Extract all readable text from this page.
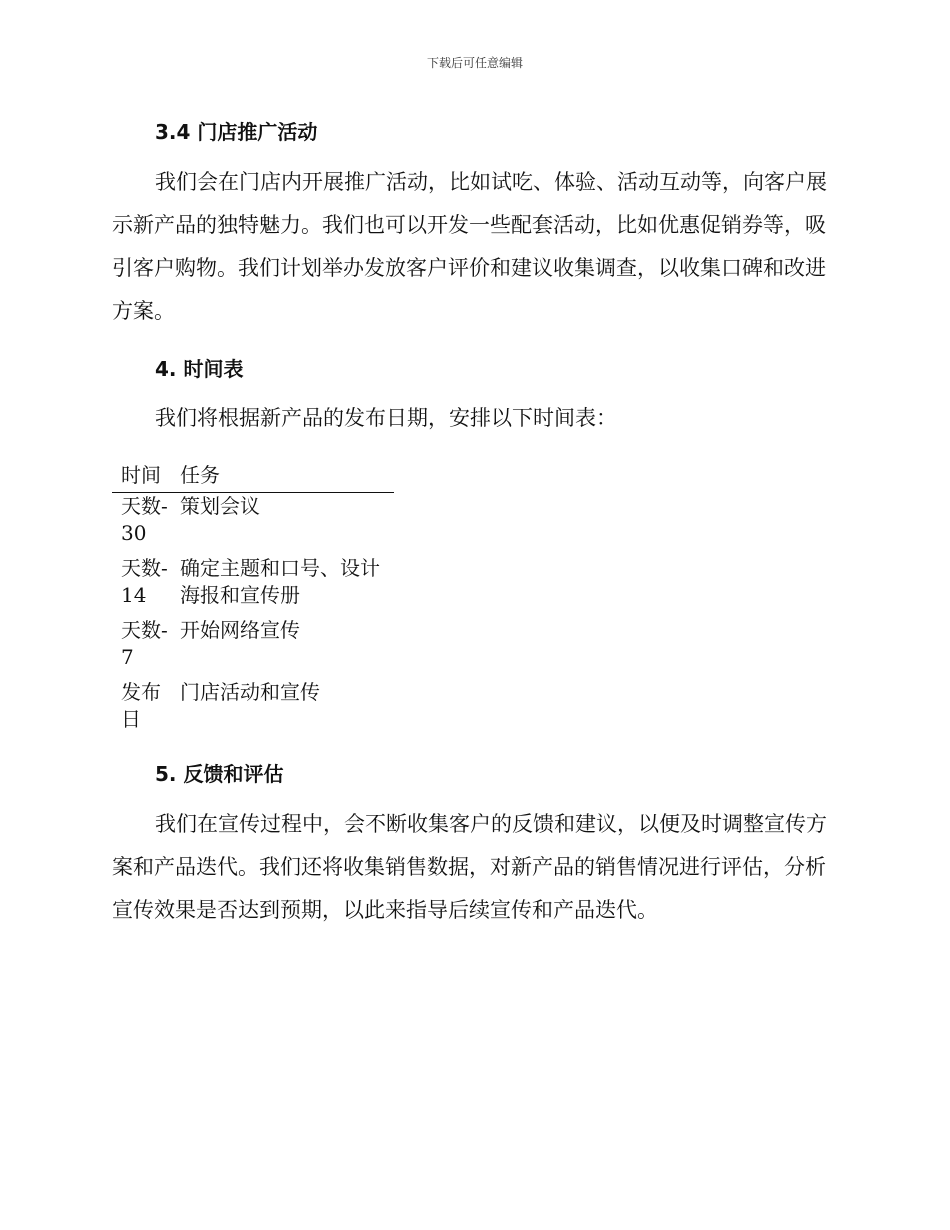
下载后可任意编辑
3.4 门店推广活动

我们会在门店内开展推广活动，比如试吃、体验、活动互动等，向客户展示新产品的独特魅力。我们也可以开发一些配套活动，比如优惠促销券等，吸引客户购物。我们计划举办发放客户评价和建议收集调查，以收集口碑和改进方案。

4. 时间表

我们将根据新产品的发布日期，安排以下时间表：

时间 任务
天数-30
策划会议
天数-14
确定主题和口号、设计海报和宣传册
天数-7
开始网络宣传
发布日
门店活动和宣传
5. 反馈和评估

我们在宣传过程中，会不断收集客户的反馈和建议，以便及时调整宣传方案和产品迭代。我们还将收集销售数据，对新产品的销售情况进行评估，分析宣传效果是否达到预期，以此来指导后续宣传和产品迭代。
